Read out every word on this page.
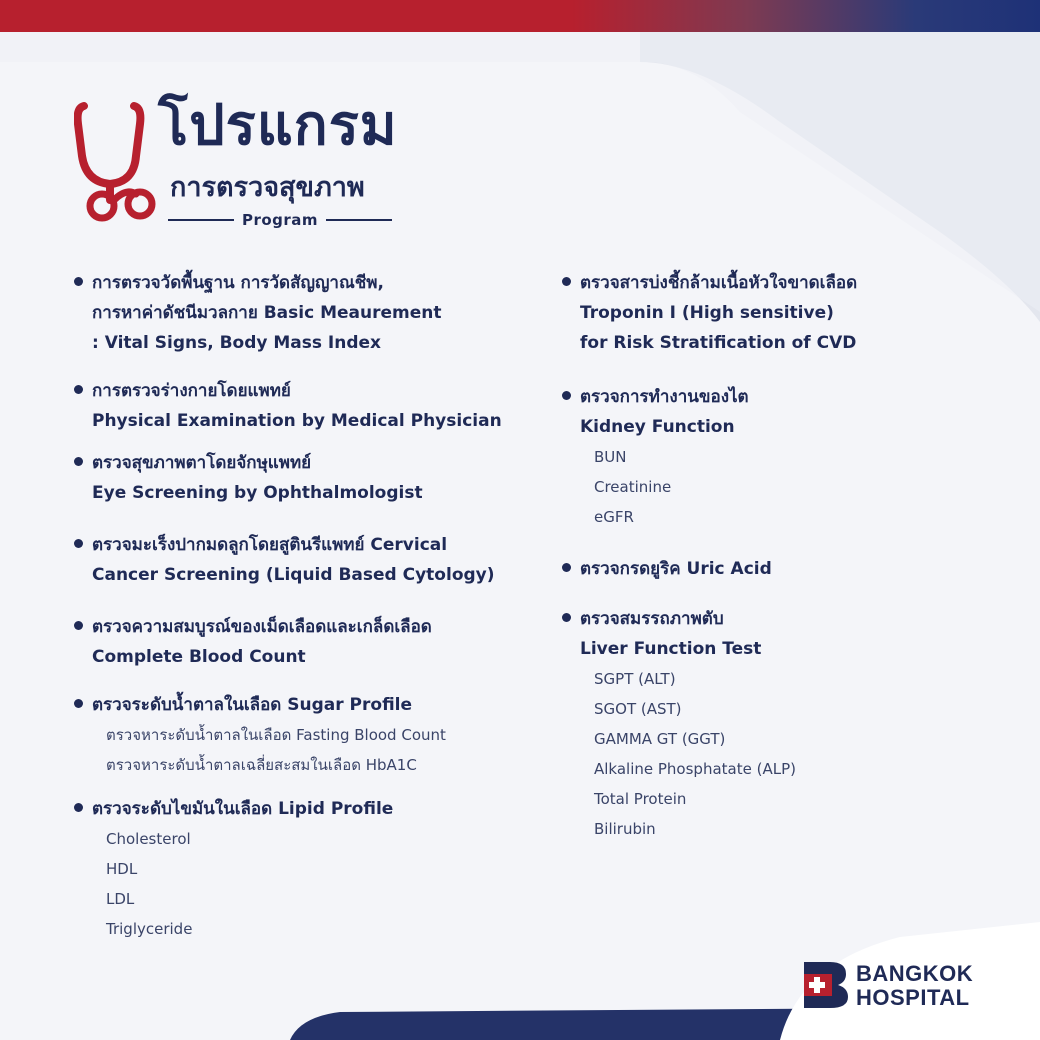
โปรแกรม
การตรวจสุขภาพ
Program
การตรวจวัดพื้นฐาน การวัดสัญญาณชีพ,
การหาค่าดัชนีมวลกาย Basic Meaurement
: Vital Signs, Body Mass Index
การตรวจร่างกายโดยแพทย์
Physical Examination by Medical Physician
ตรวจสุขภาพตาโดยจักษุแพทย์
Eye Screening by Ophthalmologist
ตรวจมะเร็งปากมดลูกโดยสูตินรีแพทย์ Cervical
Cancer Screening (Liquid Based Cytology)
ตรวจความสมบูรณ์ของเม็ดเลือดและเกล็ดเลือด
Complete Blood Count
ตรวจระดับน้ำตาลในเลือด Sugar Profile
ตรวจหาระดับน้ำตาลในเลือด Fasting Blood Count
ตรวจหาระดับน้ำตาลเฉลี่ยสะสมในเลือด HbA1C
ตรวจระดับไขมันในเลือด Lipid Profile
Cholesterol
HDL
LDL
Triglyceride
ตรวจสารบ่งชี้กล้ามเนื้อหัวใจขาดเลือด
Troponin I (High sensitive)
for Risk Stratification of CVD
ตรวจการทำงานของไต
Kidney Function
BUN
Creatinine
eGFR
ตรวจกรดยูริค Uric Acid
ตรวจสมรรถภาพตับ
Liver Function Test
SGPT (ALT)
SGOT (AST)
GAMMA GT (GGT)
Alkaline Phosphatate (ALP)
Total Protein
Bilirubin
BANGKOK
HOSPITAL
